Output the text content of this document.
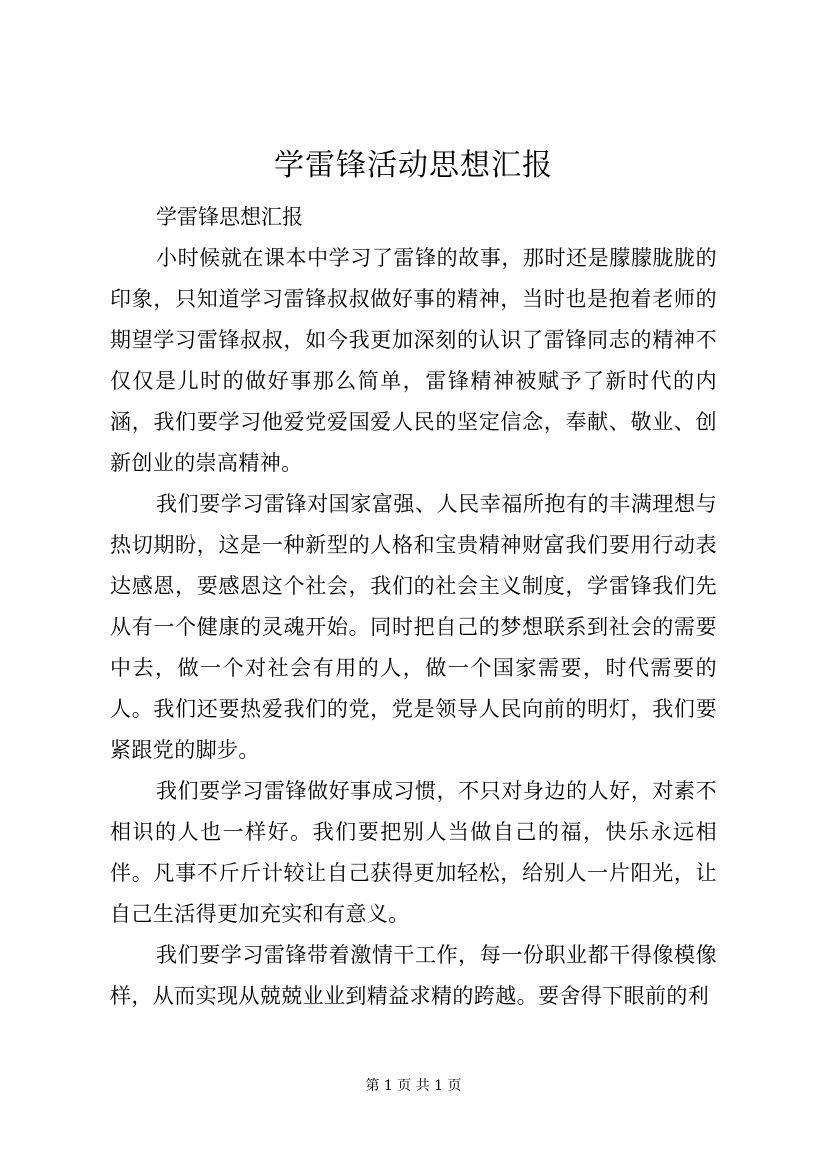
学雷锋活动思想汇报

学雷锋思想汇报

小时候就在课本中学习了雷锋的故事，那时还是朦朦胧胧的印象，只知道学习雷锋叔叔做好事的精神，当时也是抱着老师的期望学习雷锋叔叔，如今我更加深刻的认识了雷锋同志的精神不仅仅是儿时的做好事那么简单，雷锋精神被赋予了新时代的内涵，我们要学习他爱党爱国爱人民的坚定信念，奉献、敬业、创新创业的崇高精神。

我们要学习雷锋对国家富强、人民幸福所抱有的丰满理想与热切期盼，这是一种新型的人格和宝贵精神财富我们要用行动表达感恩，要感恩这个社会，我们的社会主义制度，学雷锋我们先从有一个健康的灵魂开始。同时把自己的梦想联系到社会的需要中去，做一个对社会有用的人，做一个国家需要，时代需要的人。我们还要热爱我们的党，党是领导人民向前的明灯，我们要紧跟党的脚步。

我们要学习雷锋做好事成习惯，不只对身边的人好，对素不相识的人也一样好。我们要把别人当做自己的福，快乐永远相伴。凡事不斤斤计较让自己获得更加轻松，给别人一片阳光，让自己生活得更加充实和有意义。

我们要学习雷锋带着激情干工作，每一份职业都干得像模像样，从而实现从兢兢业业到精益求精的跨越。要舍得下眼前的利

第 1 页 共 1 页
